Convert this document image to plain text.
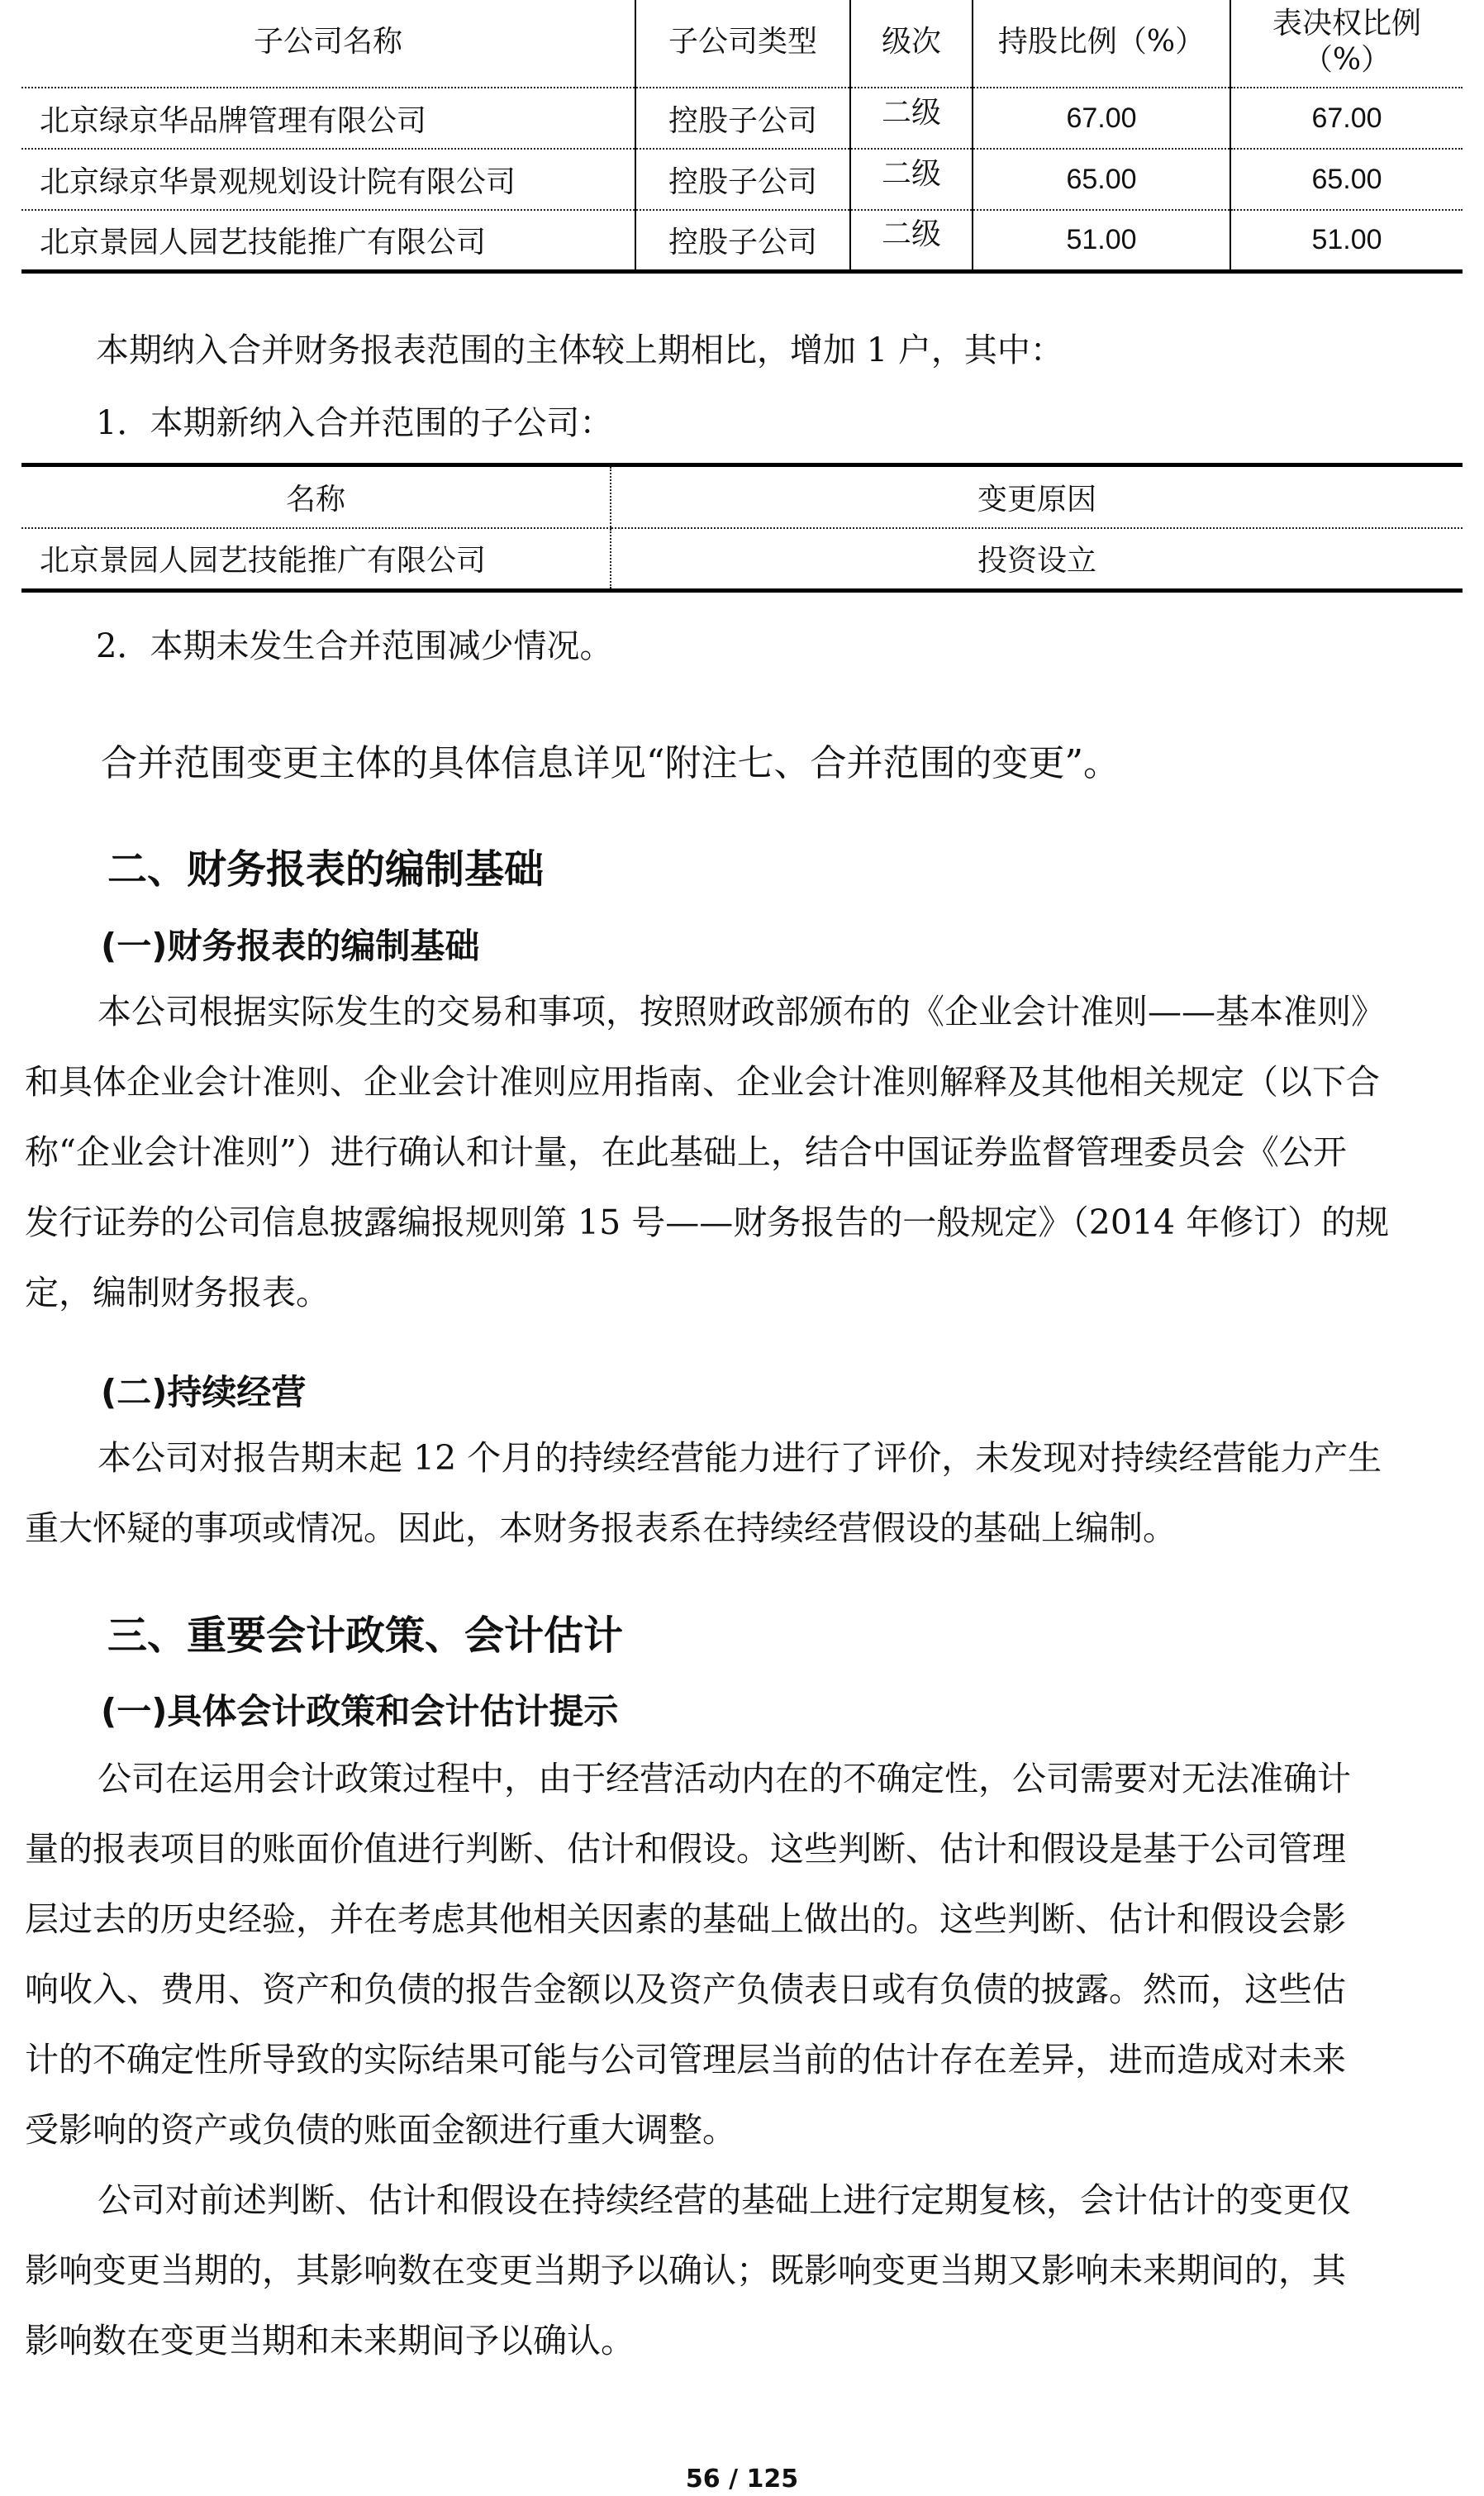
子公司名称	子公司类型	级次	持股比例（%）	表决权比例
（%）

北京绿京华品牌管理有限公司	控股子公司	二级	67.00	67.00
北京绿京华景观规划设计院有限公司	控股子公司	二级	65.00	65.00
北京景园人园艺技能推广有限公司	控股子公司	二级	51.00	51.00
本期纳入合并财务报表范围的主体较上期相比，增加 1 户，其中：
1．本期新纳入合并范围的子公司：
名称	变更原因
北京景园人园艺技能推广有限公司	投资设立
2．本期未发生合并范围减少情况。
合并范围变更主体的具体信息详见“附注七、合并范围的变更”。
二、财务报表的编制基础
(一)财务报表的编制基础
本公司根据实际发生的交易和事项，按照财政部颁布的《企业会计准则——基本准则》
和具体企业会计准则、企业会计准则应用指南、企业会计准则解释及其他相关规定（以下合
称“企业会计准则”）进行确认和计量，在此基础上，结合中国证券监督管理委员会《公开
发行证券的公司信息披露编报规则第 15 号——财务报告的一般规定》（2014 年修订）的规
定，编制财务报表。
(二)持续经营
本公司对报告期末起 12 个月的持续经营能力进行了评价，未发现对持续经营能力产生
重大怀疑的事项或情况。因此，本财务报表系在持续经营假设的基础上编制。
三、重要会计政策、会计估计
(一)具体会计政策和会计估计提示
公司在运用会计政策过程中，由于经营活动内在的不确定性，公司需要对无法准确计
量的报表项目的账面价值进行判断、估计和假设。这些判断、估计和假设是基于公司管理
层过去的历史经验，并在考虑其他相关因素的基础上做出的。这些判断、估计和假设会影
响收入、费用、资产和负债的报告金额以及资产负债表日或有负债的披露。然而，这些估
计的不确定性所导致的实际结果可能与公司管理层当前的估计存在差异，进而造成对未来
受影响的资产或负债的账面金额进行重大调整。
公司对前述判断、估计和假设在持续经营的基础上进行定期复核，会计估计的变更仅
影响变更当期的，其影响数在变更当期予以确认；既影响变更当期又影响未来期间的，其
影响数在变更当期和未来期间予以确认。
56 / 125
